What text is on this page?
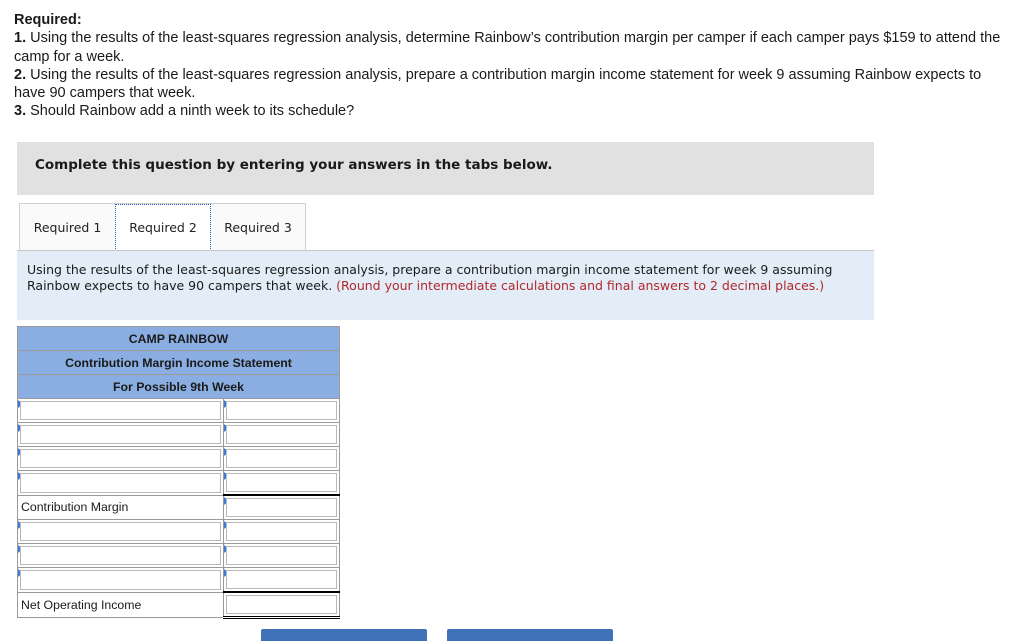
Required:

1. Using the results of the least-squares regression analysis, determine Rainbow’s contribution margin per camper if each camper pays $159 to attend the camp for a week.

2. Using the results of the least-squares regression analysis, prepare a contribution margin income statement for week 9 assuming Rainbow expects to have 90 campers that week.

3. Should Rainbow add a ninth week to its schedule?

Complete this question by entering your answers in the tabs below.
Required 1	Required 2	Required 3
Using the results of the least-squares regression analysis, prepare a contribution margin income statement for week 9 assuming Rainbow expects to have 90 campers that week. (Round your intermediate calculations and final answers to 2 decimal places.)
CAMP RAINBOW	
Contribution Margin Income Statement	
For Possible 9th Week	

Contribution Margin	

Net Operating Income	
